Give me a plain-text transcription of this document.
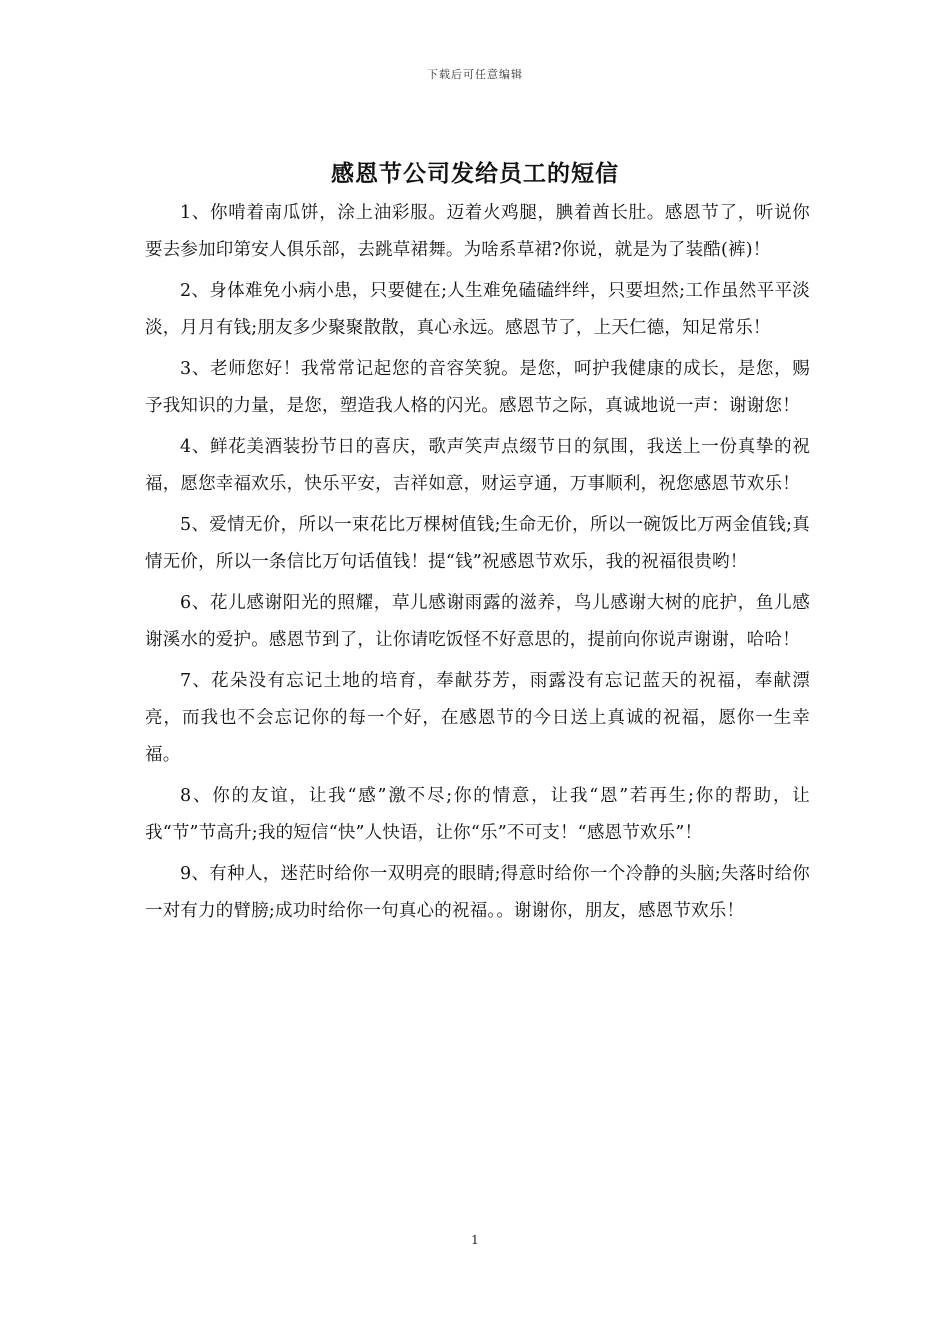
下载后可任意编辑
感恩节公司发给员工的短信

1、你啃着南瓜饼，涂上油彩服。迈着火鸡腿，腆着酋长肚。感恩节了，听说你要去参加印第安人俱乐部，去跳草裙舞。为啥系草裙?你说，就是为了装酷(裤)！

2、身体难免小病小患，只要健在;人生难免磕磕绊绊，只要坦然;工作虽然平平淡淡，月月有钱;朋友多少聚聚散散，真心永远。感恩节了，上天仁德，知足常乐！

3、老师您好！我常常记起您的音容笑貌。是您，呵护我健康的成长，是您，赐予我知识的力量，是您，塑造我人格的闪光。感恩节之际，真诚地说一声：谢谢您！

4、鲜花美酒装扮节日的喜庆，歌声笑声点缀节日的氛围，我送上一份真挚的祝福，愿您幸福欢乐，快乐平安，吉祥如意，财运亨通，万事顺利，祝您感恩节欢乐！

5、爱情无价，所以一束花比万棵树值钱;生命无价，所以一碗饭比万两金值钱;真情无价，所以一条信比万句话值钱！提“钱”祝感恩节欢乐，我的祝福很贵哟！

6、花儿感谢阳光的照耀，草儿感谢雨露的滋养，鸟儿感谢大树的庇护，鱼儿感谢溪水的爱护。感恩节到了，让你请吃饭怪不好意思的，提前向你说声谢谢，哈哈！

7、花朵没有忘记土地的培育，奉献芬芳，雨露没有忘记蓝天的祝福，奉献漂亮，而我也不会忘记你的每一个好，在感恩节的今日送上真诚的祝福，愿你一生幸福。

8、你的友谊，让我“感”激不尽;你的情意，让我“恩”若再生;你的帮助，让我“节”节高升;我的短信“快”人快语，让你“乐”不可支！“感恩节欢乐”！

9、有种人，迷茫时给你一双明亮的眼睛;得意时给你一个冷静的头脑;失落时给你一对有力的臂膀;成功时给你一句真心的祝福。。谢谢你，朋友，感恩节欢乐！

1
